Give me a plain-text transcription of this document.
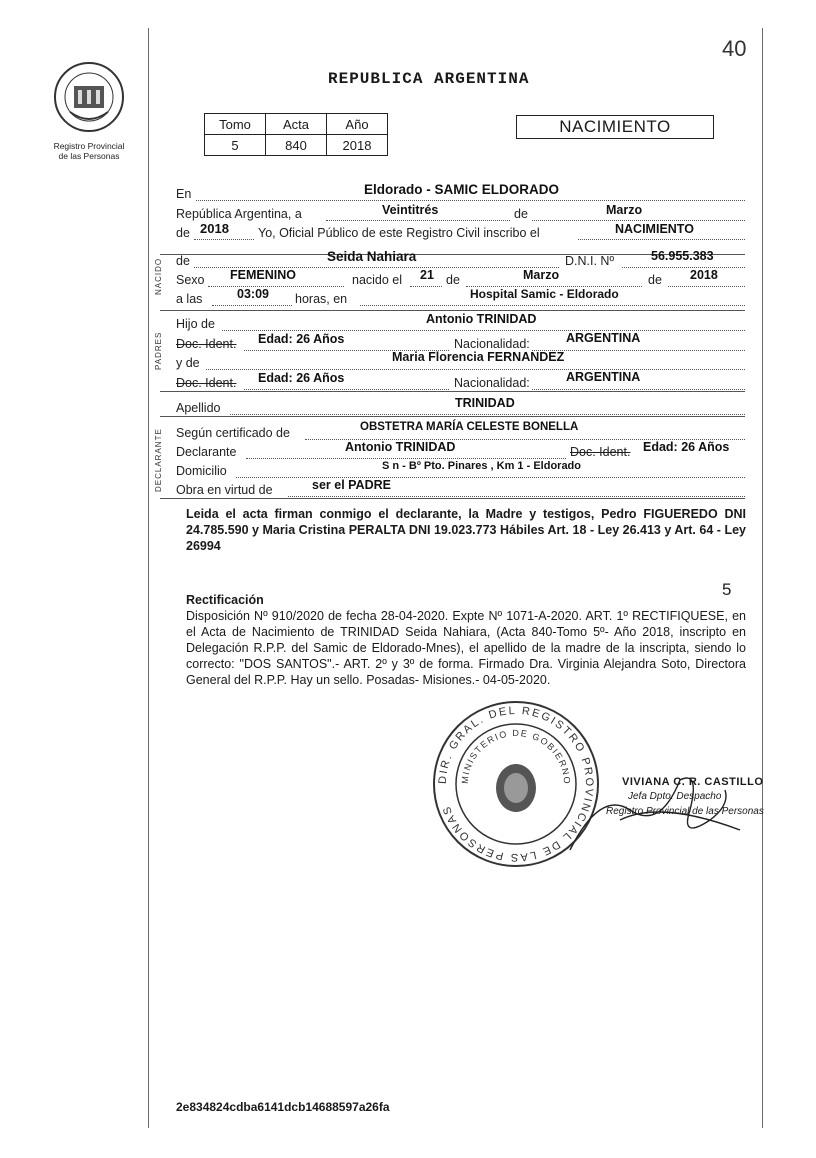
40
Registro Provincial
de las Personas
REPUBLICA ARGENTINA
Tomo	Acta	Año
5	840	2018
NACIMIENTO
NACIDO
PADRES
DECLARANTE
En	Eldorado - SAMIC ELDORADO
República Argentina, a	Veintitrés	de	Marzo
de 2018 Yo, Oficial Público de este Registro Civil inscribo el	NACIMIENTO
de	Seida Nahiara	D.N.I. Nº	56.955.383
Sexo FEMENINO	nacido el 21 de	Marzo	de 2018
a las	03:09 horas, en	Hospital Samic - Eldorado
Hijo de	Antonio TRINIDAD
Doc. Ident. Edad: 26 Años	Nacionalidad:	ARGENTINA
y de	Maria Florencia FERNANDEZ
Doc. Ident. Edad: 26 Años	Nacionalidad:	ARGENTINA
Apellido	TRINIDAD
Según certificado de	OBSTETRA MARÍA CELESTE BONELLA
Declarante	Antonio TRINIDAD	Doc. Ident. Edad: 26 Años
Domicilio	S n - Bº Pto. Pinares , Km 1 - Eldorado
Obra en virtud de	ser el PADRE
Leida el acta firman conmigo el declarante, la Madre y testigos, Pedro FIGUEREDO DNI 24.785.590 y Maria Cristina PERALTA DNI 19.023.773 Hábiles Art. 18 - Ley 26.413 y Art. 64 - Ley 26994
5
Rectificación
Disposición Nº 910/2020 de fecha 28-04-2020. Expte Nº 1071-A-2020. ART. 1º RECTIFIQUESE, en el Acta de Nacimiento de TRINIDAD Seida Nahiara, (Acta 840-Tomo 5º- Año 2018, inscripto en Delegación R.P.P. del Samic de Eldorado-Mnes), el apellido de la madre de la inscripta, siendo lo correcto: "DOS SANTOS".- ART. 2º y 3º de forma. Firmado Dra. Virginia Alejandra Soto, Directora General del R.P.P. Hay un sello. Posadas- Misiones.- 04-05-2020.
DIR. GRAL. DEL REGISTRO PROVINCIAL DE LAS PERSONAS
MINISTERIO DE GOBIERNO	VIVIANA C. R. CASTILLO
Jefa Dpto. Despacho
Registro Provincial de las Personas
2e834824cdba6141dcb14688597a26fa
